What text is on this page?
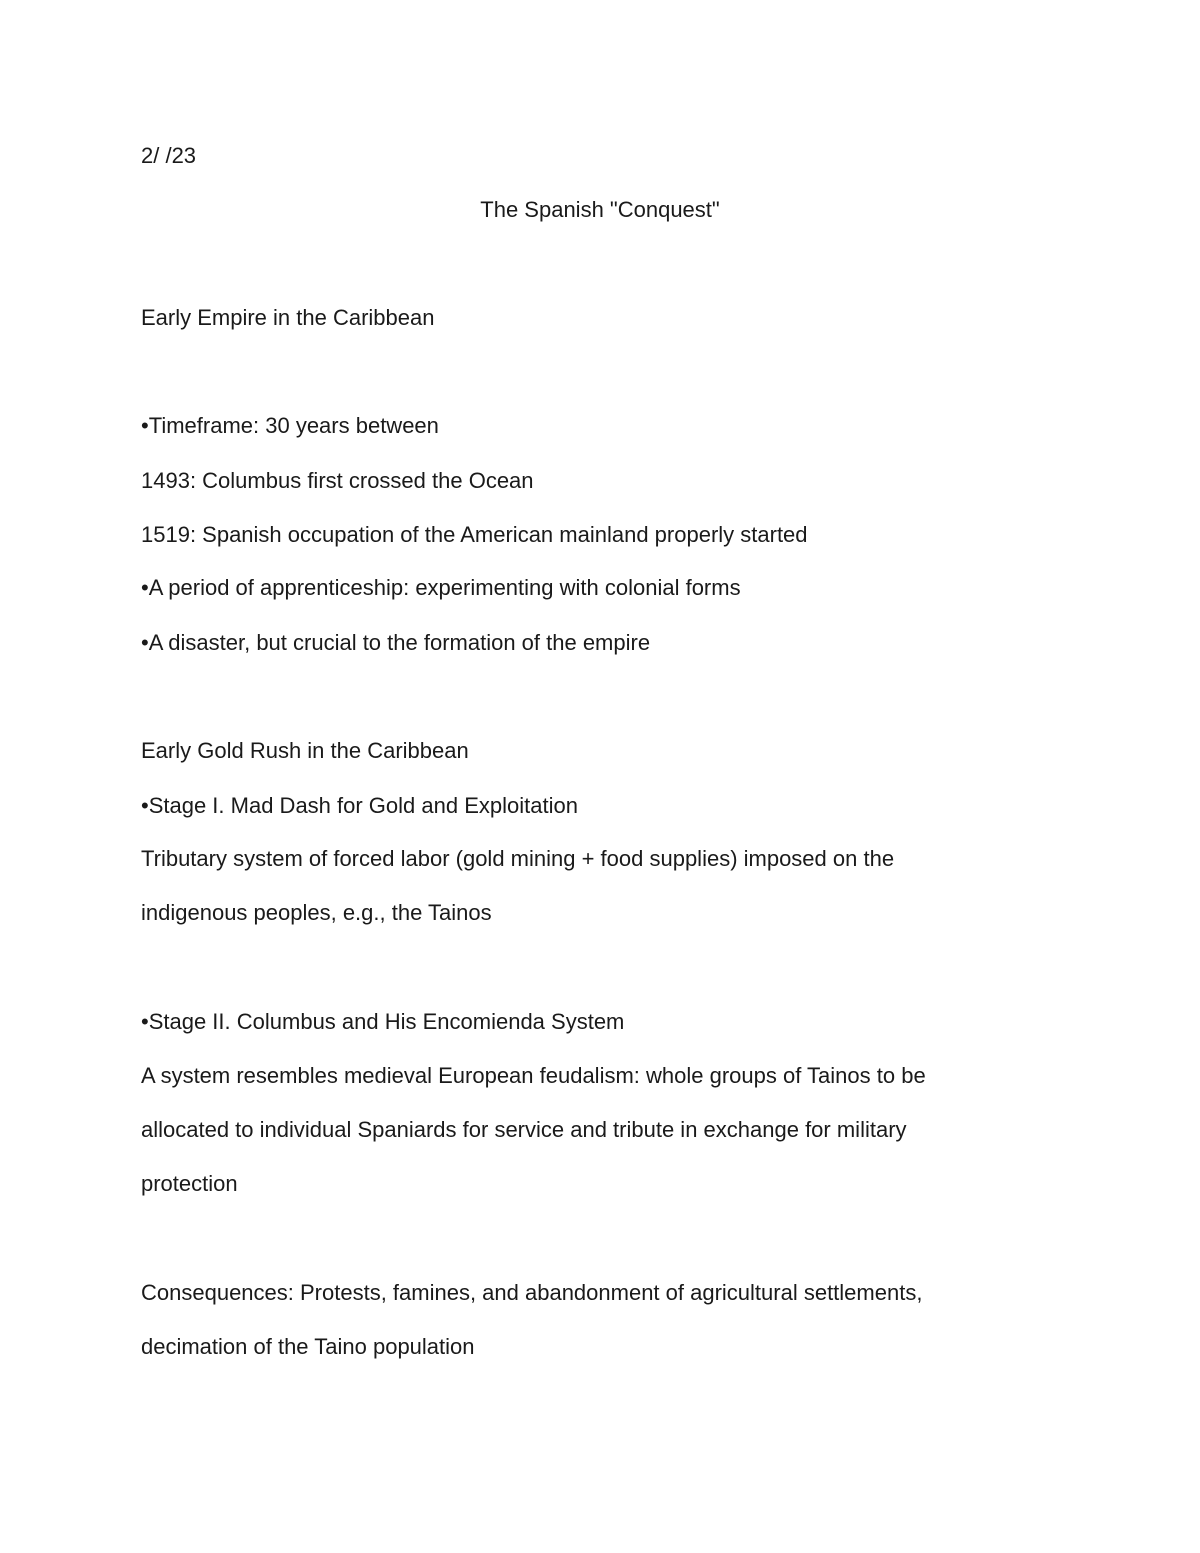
2/ /23
The Spanish "Conquest"
Early Empire in the Caribbean
•Timeframe: 30 years between
1493: Columbus first crossed the Ocean
1519: Spanish occupation of the American mainland properly started
•A period of apprenticeship: experimenting with colonial forms
•A disaster, but crucial to the formation of the empire
Early Gold Rush in the Caribbean
•Stage I. Mad Dash for Gold and Exploitation
Tributary system of forced labor (gold mining + food supplies) imposed on the
indigenous peoples, e.g., the Tainos
•Stage II. Columbus and His Encomienda System
A system resembles medieval European feudalism: whole groups of Tainos to be
allocated to individual Spaniards for service and tribute in exchange for military
protection
Consequences: Protests, famines, and abandonment of agricultural settlements,
decimation of the Taino population
